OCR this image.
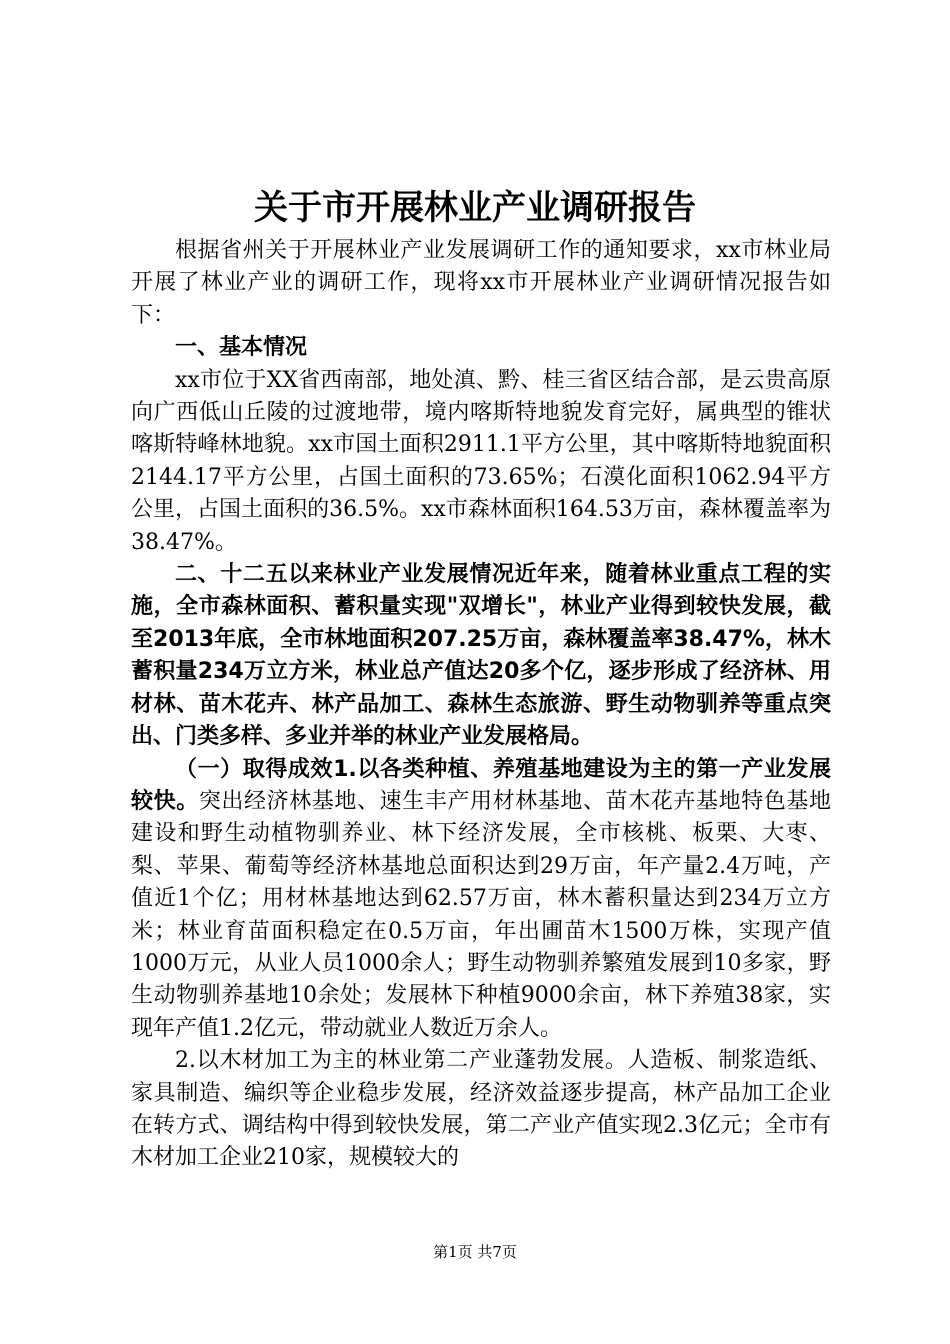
关于市开展林业产业调研报告

根据省州关于开展林业产业发展调研工作的通知要求，xx市林业局开展了林业产业的调研工作，现将xx市开展林业产业调研情况报告如下：

一、基本情况

xx市位于XX省西南部，地处滇、黔、桂三省区结合部，是云贵高原向广西低山丘陵的过渡地带，境内喀斯特地貌发育完好，属典型的锥状喀斯特峰林地貌。xx市国土面积2911.1平方公里，其中喀斯特地貌面积2144.17平方公里，占国土面积的73.65%；石漠化面积1062.94平方公里，占国土面积的36.5%。xx市森林面积164.53万亩，森林覆盖率为38.47%。

二、十二五以来林业产业发展情况近年来，随着林业重点工程的实施，全市森林面积、蓄积量实现"双增长"，林业产业得到较快发展，截至2013年底，全市林地面积207.25万亩，森林覆盖率38.47%，林木蓄积量234万立方米，林业总产值达20多个亿，逐步形成了经济林、用材林、苗木花卉、林产品加工、森林生态旅游、野生动物驯养等重点突出、门类多样、多业并举的林业产业发展格局。

（一）取得成效1.以各类种植、养殖基地建设为主的第一产业发展较快。突出经济林基地、速生丰产用材林基地、苗木花卉基地特色基地建设和野生动植物驯养业、林下经济发展，全市核桃、板栗、大枣、梨、苹果、葡萄等经济林基地总面积达到29万亩，年产量2.4万吨，产值近1个亿；用材林基地达到62.57万亩，林木蓄积量达到234万立方米；林业育苗面积稳定在0.5万亩，年出圃苗木1500万株，实现产值1000万元，从业人员1000余人；野生动物驯养繁殖发展到10多家，野生动物驯养基地10余处；发展林下种植9000余亩，林下养殖38家，实现年产值1.2亿元，带动就业人数近万余人。

2.以木材加工为主的林业第二产业蓬勃发展。人造板、制浆造纸、家具制造、编织等企业稳步发展，经济效益逐步提高，林产品加工企业在转方式、调结构中得到较快发展，第二产业产值实现2.3亿元；全市有木材加工企业210家，规模较大的

第1页 共7页
